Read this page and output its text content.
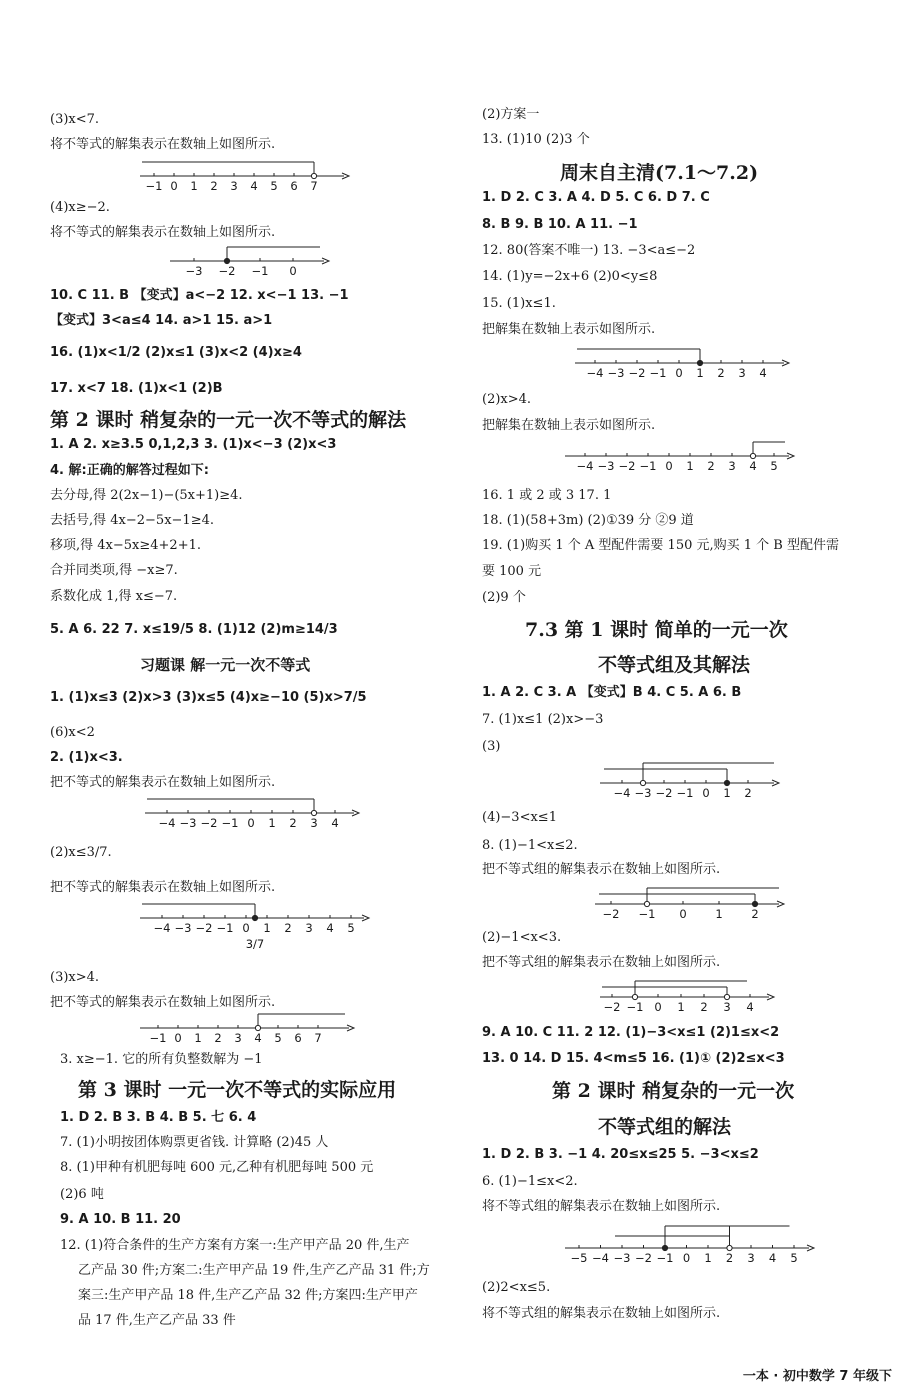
(3)x<7.
将不等式的解集表示在数轴上如图所示.
−1 0 1 2 3 4 5 6 7
(4)x≥−2.
将不等式的解集表示在数轴上如图所示.
−3 −2 −1 0
10. C 11. B 【变式】a<−2 12. x<−1 13. −1
【变式】3<a≤4 14. a>1 15. a>1
16. (1)x<1/2 (2)x≤1 (3)x<2 (4)x≥4
17. x<7 18. (1)x<1 (2)B
第 2 课时 稍复杂的一元一次不等式的解法
1. A 2. x≥3.5 0,1,2,3 3. (1)x<−3 (2)x<3
4. 解:正确的解答过程如下:
去分母,得 2(2x−1)−(5x+1)≥4.
去括号,得 4x−2−5x−1≥4.
移项,得 4x−5x≥4+2+1.
合并同类项,得 −x≥7.
系数化成 1,得 x≤−7.
5. A 6. 22 7. x≤19/5 8. (1)12 (2)m≥14/3
习题课 解一元一次不等式
1. (1)x≤3 (2)x>3 (3)x≤5 (4)x≥−10 (5)x>7/5
(6)x<2
2. (1)x<3.
把不等式的解集表示在数轴上如图所示.
−4 −3 −2 −1 0 1 2 3 4
(2)x≤3/7.
把不等式的解集表示在数轴上如图所示.
−4 −3 −2 −1 0 1 2 3 4 5
3/7
(3)x>4.
把不等式的解集表示在数轴上如图所示.
−1 0 1 2 3 4 5 6 7
3. x≥−1. 它的所有负整数解为 −1
第 3 课时 一元一次不等式的实际应用
1. D 2. B 3. B 4. B 5. 七 6. 4
7. (1)小明按团体购票更省钱. 计算略 (2)45 人
8. (1)甲种有机肥每吨 600 元,乙种有机肥每吨 500 元
(2)6 吨
9. A 10. B 11. 20
12. (1)符合条件的生产方案有方案一:生产甲产品 20 件,生产
乙产品 30 件;方案二:生产甲产品 19 件,生产乙产品 31 件;方
案三:生产甲产品 18 件,生产乙产品 32 件;方案四:生产甲产
品 17 件,生产乙产品 33 件
(2)方案一
13. (1)10 (2)3 个
周末自主清(7.1～7.2)
1. D 2. C 3. A 4. D 5. C 6. D 7. C
8. B 9. B 10. A 11. −1
12. 80(答案不唯一) 13. −3<a≤−2
14. (1)y=−2x+6 (2)0<y≤8
15. (1)x≤1.
把解集在数轴上表示如图所示.
−4 −3 −2 −1 0 1 2 3 4
(2)x>4.
把解集在数轴上表示如图所示.
−4 −3 −2 −1 0 1 2 3 4 5
16. 1 或 2 或 3 17. 1
18. (1)(58+3m) (2)①39 分 ②9 道
19. (1)购买 1 个 A 型配件需要 150 元,购买 1 个 B 型配件需
要 100 元
(2)9 个
7.3 第 1 课时 简单的一元一次
不等式组及其解法
1. A 2. C 3. A 【变式】B 4. C 5. A 6. B
7. (1)x≤1 (2)x>−3
(3)
−4 −3 −2 −1 0 1 2
(4)−3<x≤1
8. (1)−1<x≤2.
把不等式组的解集表示在数轴上如图所示.
−2 −1 0 1 2
(2)−1<x<3.
把不等式组的解集表示在数轴上如图所示.
−2 −1 0 1 2 3 4
9. A 10. C 11. 2 12. (1)−3<x≤1 (2)1≤x<2
13. 0 14. D 15. 4<m≤5 16. (1)① (2)2≤x<3
第 2 课时 稍复杂的一元一次
不等式组的解法
1. D 2. B 3. −1 4. 20≤x≤25 5. −3<x≤2
6. (1)−1≤x<2.
将不等式组的解集表示在数轴上如图所示.
−5 −4 −3 −2 −1 0 1 2 3 4 5
(2)2<x≤5.
将不等式组的解集表示在数轴上如图所示.
一本 · 初中数学 7 年级下
